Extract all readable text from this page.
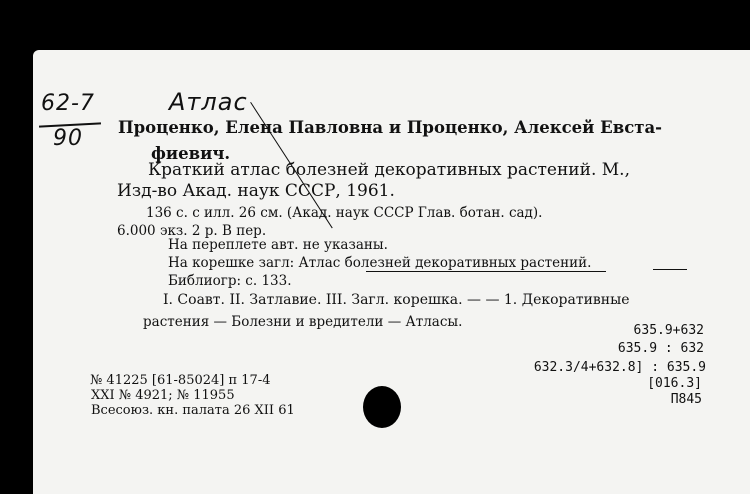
62-7
90
Атлас
Проценко, Елена Павловна и Проценко, Алексей Евста-
фиевич.
Краткий атлас болезней декоративных растений. М.,
Изд-во Акад. наук СССР, 1961.
136 с. с илл. 26 см. (Акад. наук СССР Глав. ботан. сад).
6.000 экз. 2 р. В пер.
На переплете авт. не указаны.
На корешке загл: Атлас болезней декоративных растений.
Библиогр: с. 133.
I. Соавт. II. Затлавие. III. Загл. корешка. — — 1. Декоративные
растения — Болезни и вредители — Атласы.
635.9+632
635.9 : 632
632.3/4+632.8] : 635.9
[016.3]
П845
№ 41225 [61-85024] п 17-4
XXI № 4921; № 11955
Всесоюз. кн. палата 26 XII 61
